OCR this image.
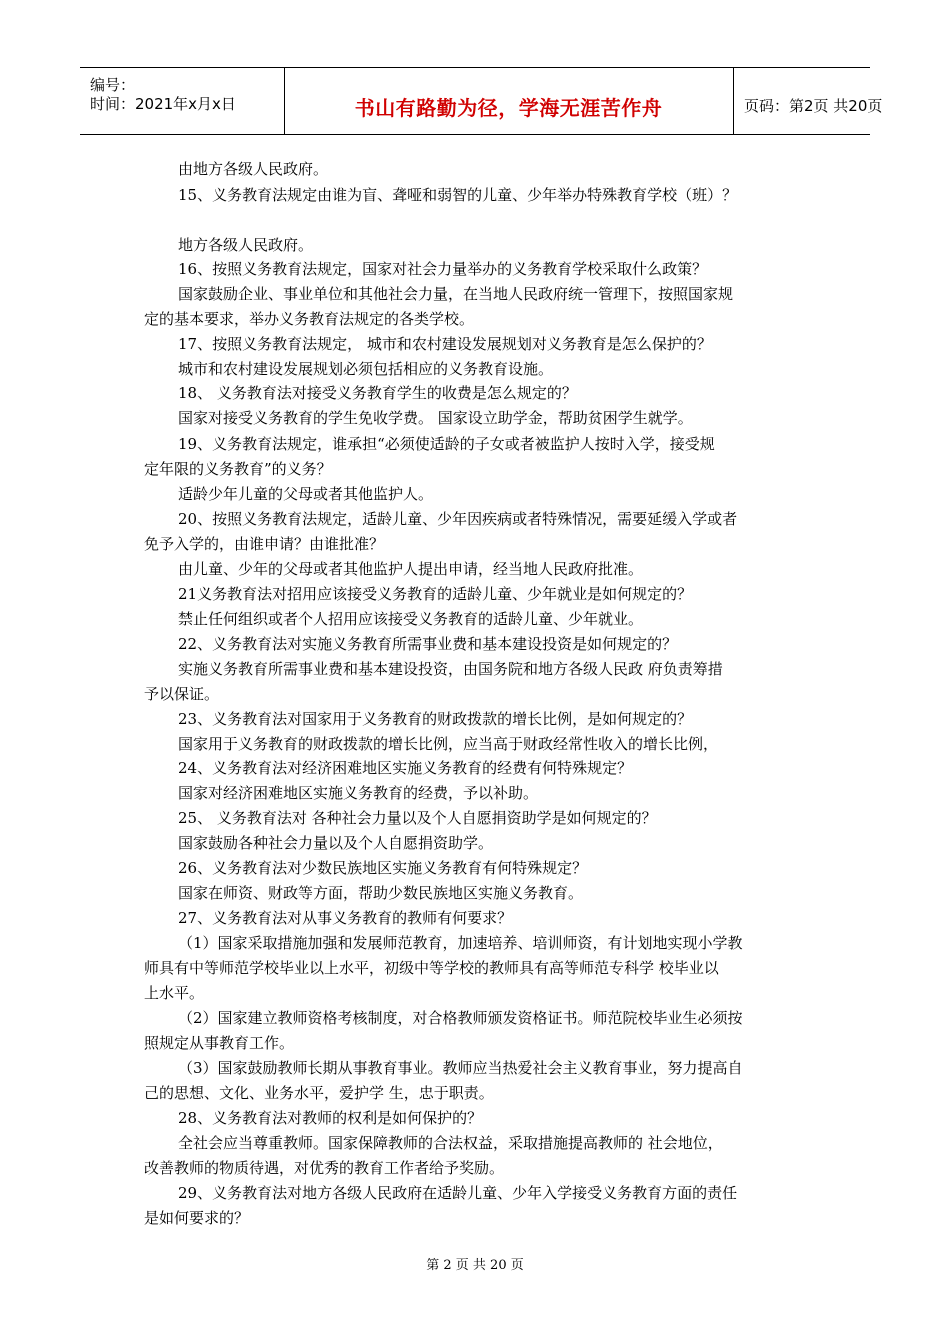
编号：
时间：2021年x月x日	书山有路勤为径，学海无涯苦作舟	页码：第2页 共20页
由地方各级人民政府。
15、义务教育法规定由谁为盲、聋哑和弱智的儿童、少年举办特殊教育学校（班）？
地方各级人民政府。
16、按照义务教育法规定，国家对社会力量举办的义务教育学校采取什么政策？
国家鼓励企业、事业单位和其他社会力量，在当地人民政府统一管理下，按照国家规
定的基本要求，举办义务教育法规定的各类学校。
17、按照义务教育法规定， 城市和农村建设发展规划对义务教育是怎么保护的？
城市和农村建设发展规划必须包括相应的义务教育设施。
18、 义务教育法对接受义务教育学生的收费是怎么规定的？
国家对接受义务教育的学生免收学费。 国家设立助学金，帮助贫困学生就学。
19、义务教育法规定，谁承担“必须使适龄的子女或者被监护人按时入学，接受规
定年限的义务教育”的义务？
适龄少年儿童的父母或者其他监护人。
20、按照义务教育法规定，适龄儿童、少年因疾病或者特殊情况，需要延缓入学或者
免予入学的，由谁申请？由谁批准？
由儿童、少年的父母或者其他监护人提出申请，经当地人民政府批准。
21义务教育法对招用应该接受义务教育的适龄儿童、少年就业是如何规定的？
禁止任何组织或者个人招用应该接受义务教育的适龄儿童、少年就业。
22、义务教育法对实施义务教育所需事业费和基本建设投资是如何规定的？
实施义务教育所需事业费和基本建设投资，由国务院和地方各级人民政 府负责筹措
予以保证。
23、义务教育法对国家用于义务教育的财政拨款的增长比例，是如何规定的？
国家用于义务教育的财政拨款的增长比例，应当高于财政经常性收入的增长比例，
24、义务教育法对经济困难地区实施义务教育的经费有何特殊规定？
国家对经济困难地区实施义务教育的经费，予以补助。
25、 义务教育法对 各种社会力量以及个人自愿捐资助学是如何规定的？
国家鼓励各种社会力量以及个人自愿捐资助学。
26、义务教育法对少数民族地区实施义务教育有何特殊规定？
国家在师资、财政等方面，帮助少数民族地区实施义务教育。
27、义务教育法对从事义务教育的教师有何要求？
（1）国家采取措施加强和发展师范教育，加速培养、培训师资，有计划地实现小学教
师具有中等师范学校毕业以上水平，初级中等学校的教师具有高等师范专科学 校毕业以
上水平。
（2）国家建立教师资格考核制度，对合格教师颁发资格证书。师范院校毕业生必须按
照规定从事教育工作。
（3）国家鼓励教师长期从事教育事业。教师应当热爱社会主义教育事业，努力提高自
己的思想、文化、业务水平，爱护学 生，忠于职责。
28、义务教育法对教师的权利是如何保护的？
全社会应当尊重教师。国家保障教师的合法权益，采取措施提高教师的 社会地位，
改善教师的物质待遇，对优秀的教育工作者给予奖励。
29、义务教育法对地方各级人民政府在适龄儿童、少年入学接受义务教育方面的责任
是如何要求的？
第 2 页 共 20 页
